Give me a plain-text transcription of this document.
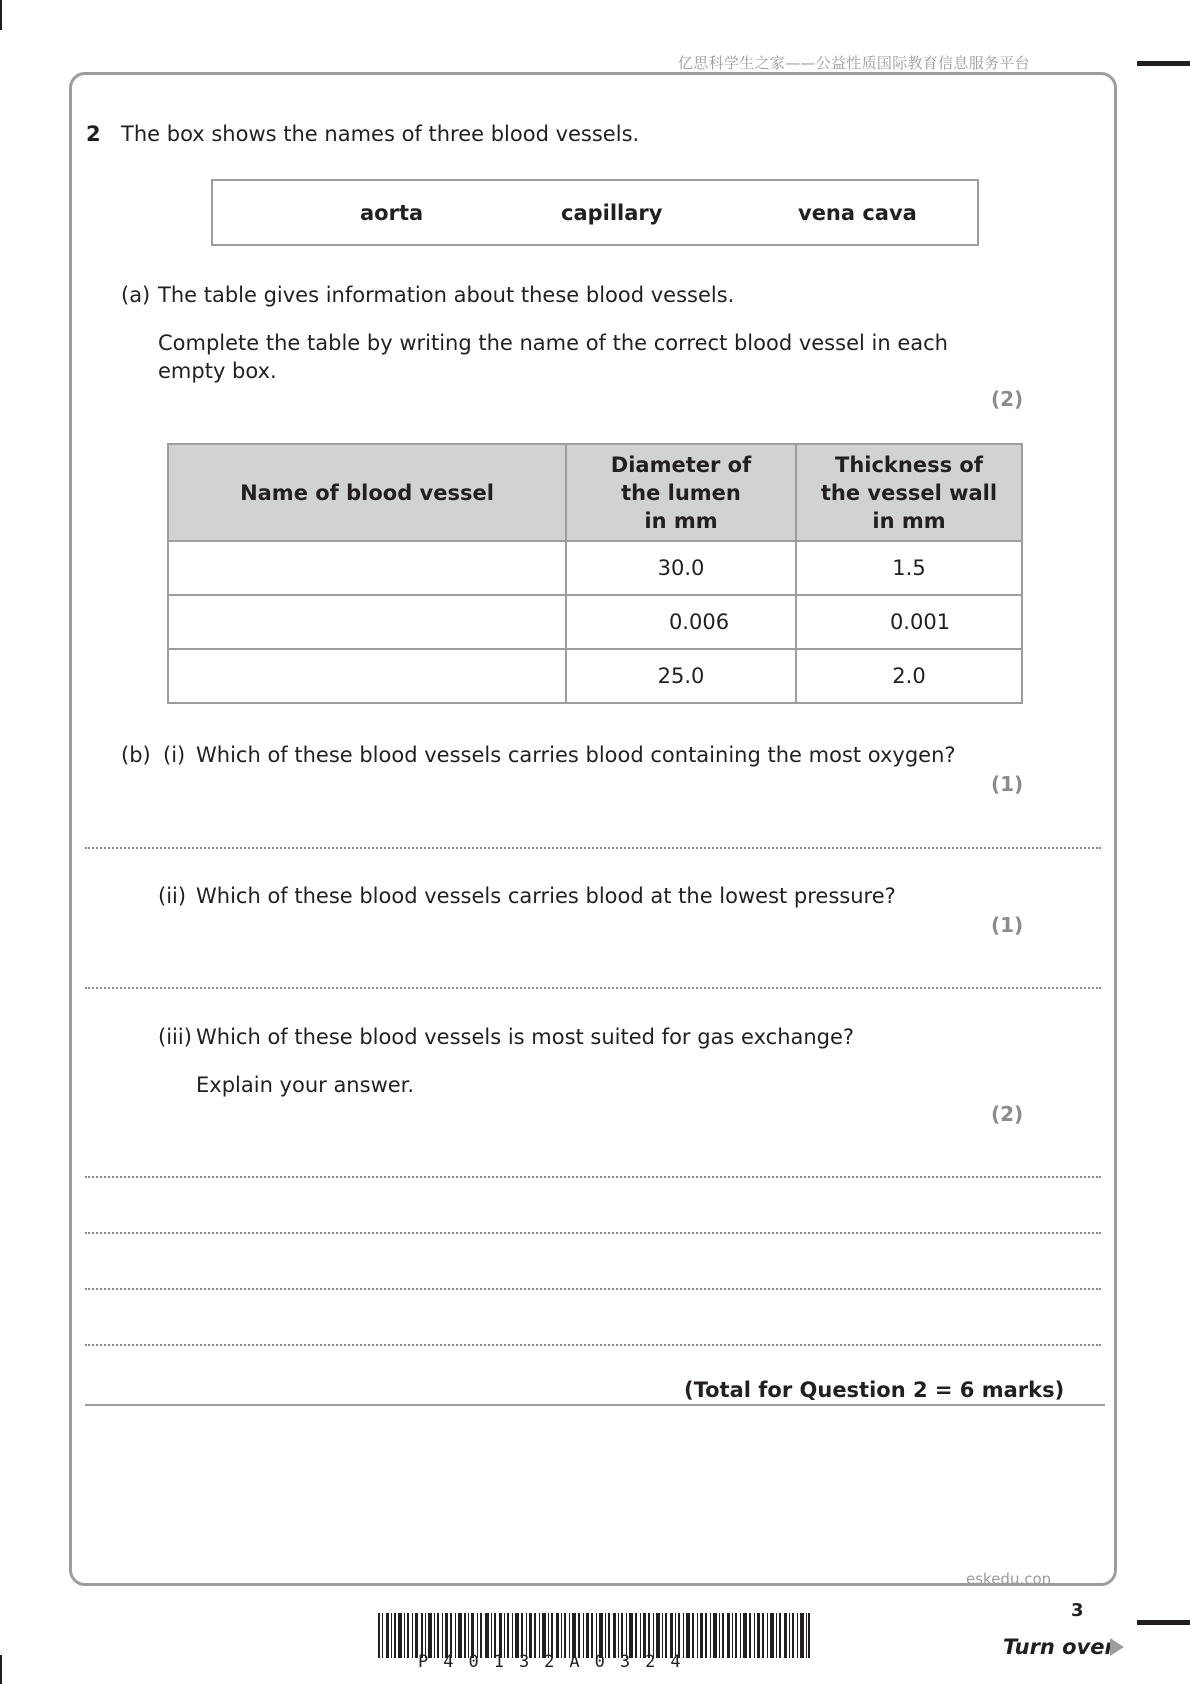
亿思科学生之家——公益性质国际教育信息服务平台
2 The box shows the names of three blood vessels.
aorta	capillary	vena cava
(a) The table gives information about these blood vessels.
Complete the table by writing the name of the correct blood vessel in each
empty box.
(2)
Name of blood vessel	Diameter of
the lumen
in mm	Thickness of
the vessel wall
in mm
	30.0	1.5
	0.006	0.001
	25.0	2.0
(b) (i) Which of these blood vessels carries blood containing the most oxygen?
(1)
(ii) Which of these blood vessels carries blood at the lowest pressure?
(1)
(iii) Which of these blood vessels is most suited for gas exchange?
Explain your answer.
(2)
(Total for Question 2 = 6 marks)
eskedu.con
3
Turn over
P40132A0324
